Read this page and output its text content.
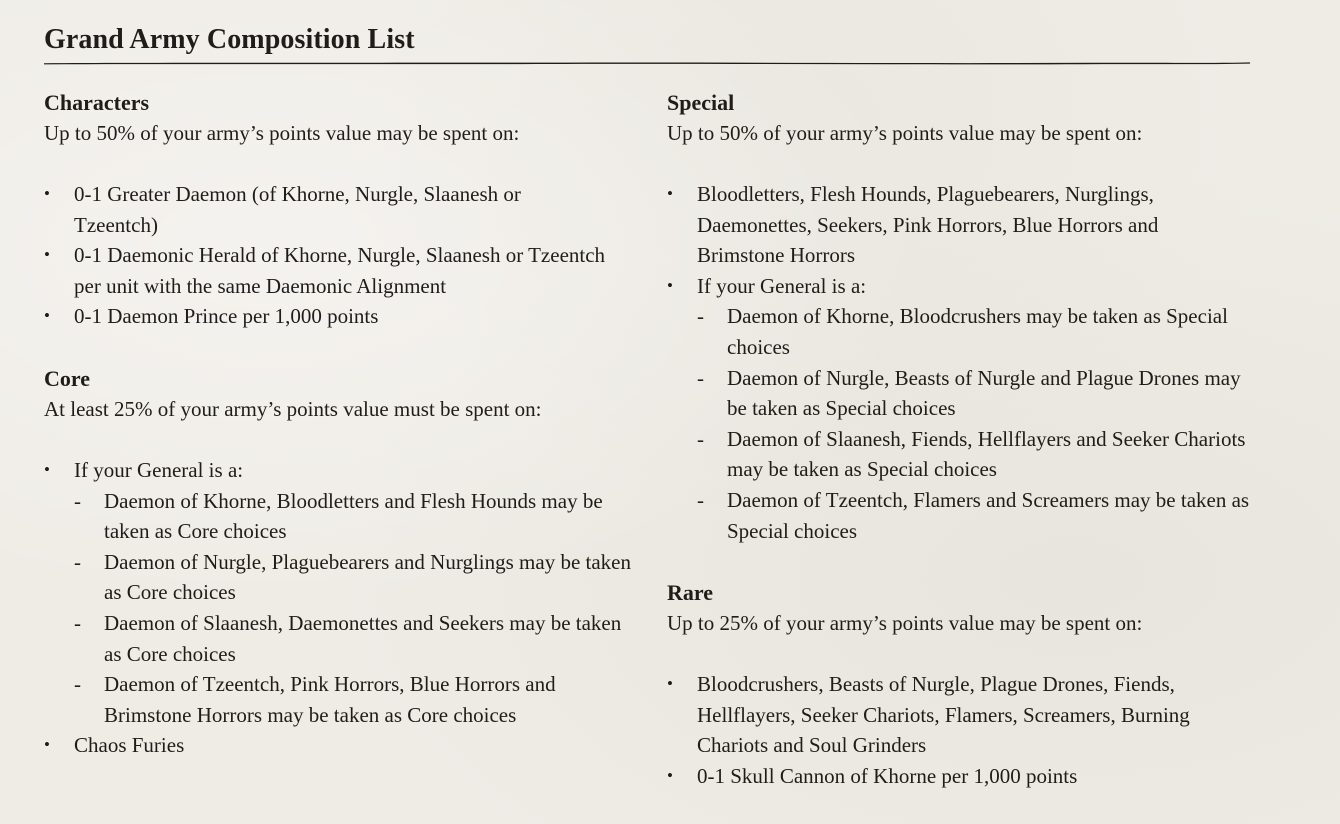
Grand Army Composition List
Characters

Up to 50% of your army’s points value may be spent on:

•
0-1 Greater Daemon (of Khorne, Nurgle, Slaanesh or Tzeentch)
•
0-1 Daemonic Herald of Khorne, Nurgle, Slaanesh or Tzeentch per unit with the same Daemonic Alignment
•
0-1 Daemon Prince per 1,000 points
Core

At least 25% of your army’s points value must be spent on:

•
If your General is a:
-
Daemon of Khorne, Bloodletters and Flesh Hounds may be taken as Core choices
-
Daemon of Nurgle, Plaguebearers and Nurglings may be taken as Core choices
-
Daemon of Slaanesh, Daemonettes and Seekers may be taken as Core choices
-
Daemon of Tzeentch, Pink Horrors, Blue Horrors and Brimstone Horrors may be taken as Core choices
•
Chaos Furies
Special

Up to 50% of your army’s points value may be spent on:

•
Bloodletters, Flesh Hounds, Plaguebearers, Nurglings, Daemonettes, Seekers, Pink Horrors, Blue Horrors and Brimstone Horrors
•
If your General is a:
-
Daemon of Khorne, Bloodcrushers may be taken as Special choices
-
Daemon of Nurgle, Beasts of Nurgle and Plague Drones may be taken as Special choices
-
Daemon of Slaanesh, Fiends, Hellflayers and Seeker Chariots may be taken as Special choices
-
Daemon of Tzeentch, Flamers and Screamers may be taken as Special choices
Rare

Up to 25% of your army’s points value may be spent on:

•
Bloodcrushers, Beasts of Nurgle, Plague Drones, Fiends, Hellflayers, Seeker Chariots, Flamers, Screamers, Burning Chariots and Soul Grinders
•
0-1 Skull Cannon of Khorne per 1,000 points
